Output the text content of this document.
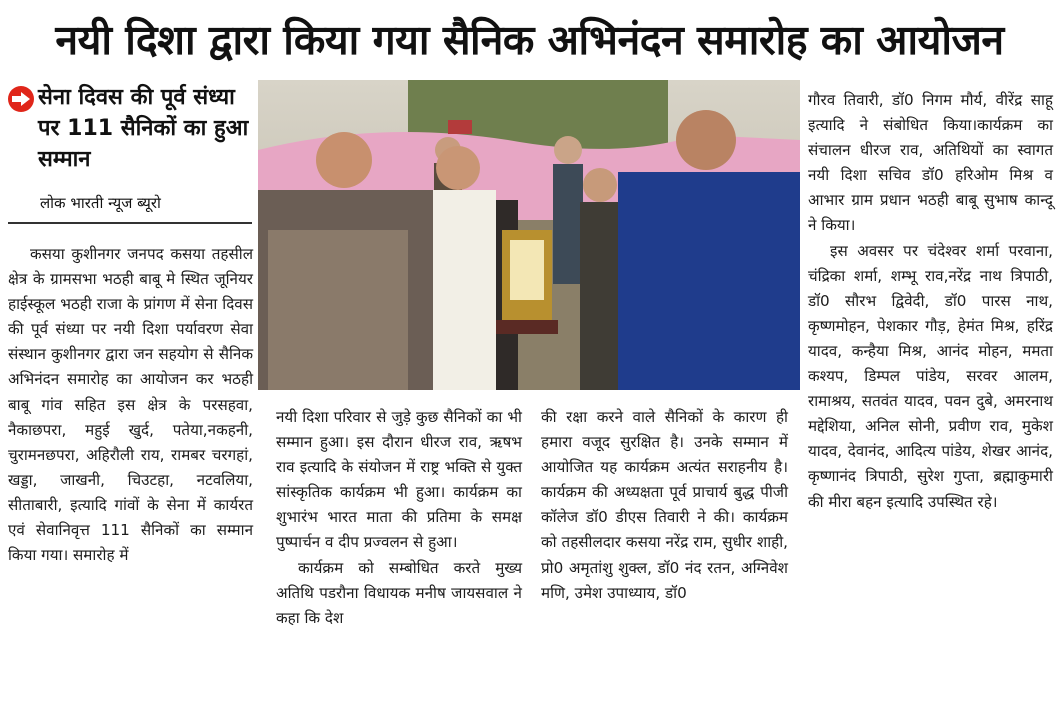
नयी दिशा द्वारा किया गया सैनिक अभिनंदन समारोह का आयोजन

सेना दिवस की पूर्व संध्या पर 111 सैनिकों का हुआ सम्मान

लोक भारती न्यूज ब्यूरो

कसया कुशीनगर जनपद कसया तहसील क्षेत्र के ग्रामसभा भठही बाबू मे स्थित जूनियर हाईस्कूल भठही राजा के प्रांगण में सेना दिवस की पूर्व संध्या पर नयी दिशा पर्यावरण सेवा संस्थान कुशीनगर द्वारा जन सहयोग से सैनिक अभिनंदन समारोह का आयोजन कर भठही बाबू गांव सहित इस क्षेत्र के परसहवा, नैकाछपरा, महुई खुर्द, पतेया,नकहनी, चुरामनछपरा, अहिरौली राय, रामबर चरगहां, खड्डा, जाखनी, चिउटहा, नटवलिया, सीताबारी, इत्यादि गांवों के सेना में कार्यरत एवं सेवानिवृत्त 111 सैनिकों का सम्मान किया गया। समारोह में

नयी दिशा परिवार से जुड़े कुछ सैनिकों का भी सम्मान हुआ। इस दौरान धीरज राव, ऋषभ राव इत्यादि के संयोजन में राष्ट्र भक्ति से युक्त सांस्कृतिक कार्यक्रम भी हुआ। कार्यक्रम का शुभारंभ भारत माता की प्रतिमा के समक्ष पुष्पार्चन व दीप प्रज्वलन से हुआ।

कार्यक्रम को सम्बोधित करते मुख्य अतिथि पडरौना विधायक मनीष जायसवाल ने कहा कि देश

की रक्षा करने वाले सैनिकों के कारण ही हमारा वजूद सुरक्षित है। उनके सम्मान में आयोजित यह कार्यक्रम अत्यंत सराहनीय है।कार्यक्रम की अध्यक्षता पूर्व प्राचार्य बुद्ध पीजी कॉलेज डॉ0 डीएस तिवारी ने की। कार्यक्रम को तहसीलदार कसया नरेंद्र राम, सुधीर शाही, प्रो0 अमृतांशु शुक्ल, डॉ0 नंद रतन, अग्निवेश मणि, उमेश उपाध्याय, डॉ0

गौरव तिवारी, डॉ0 निगम मौर्य, वीरेंद्र साहू इत्यादि ने संबोधित किया।कार्यक्रम का संचालन धीरज राव, अतिथियों का स्वागत नयी दिशा सचिव डॉ0 हरिओम मिश्र व आभार ग्राम प्रधान भठही बाबू सुभाष कान्दू ने किया।

इस अवसर पर चंदेश्वर शर्मा परवाना, चंद्रिका शर्मा, शम्भू राव,नरेंद्र नाथ त्रिपाठी, डॉ0 सौरभ द्विवेदी, डॉ0 पारस नाथ, कृष्णमोहन, पेशकार गौड़, हेमंत मिश्र, हरिंद्र यादव, कन्हैया मिश्र, आनंद मोहन, ममता कश्यप, डिम्पल पांडेय, सरवर आलम, रामाश्रय, सतवंत यादव, पवन दुबे, अमरनाथ मद्देशिया, अनिल सोनी, प्रवीण राव, मुकेश यादव, देवानंद, आदित्य पांडेय, शेखर आनंद, कृष्णानंद त्रिपाठी, सुरेश गुप्ता, ब्रह्माकुमारी की मीरा बहन इत्यादि उपस्थित रहे।
